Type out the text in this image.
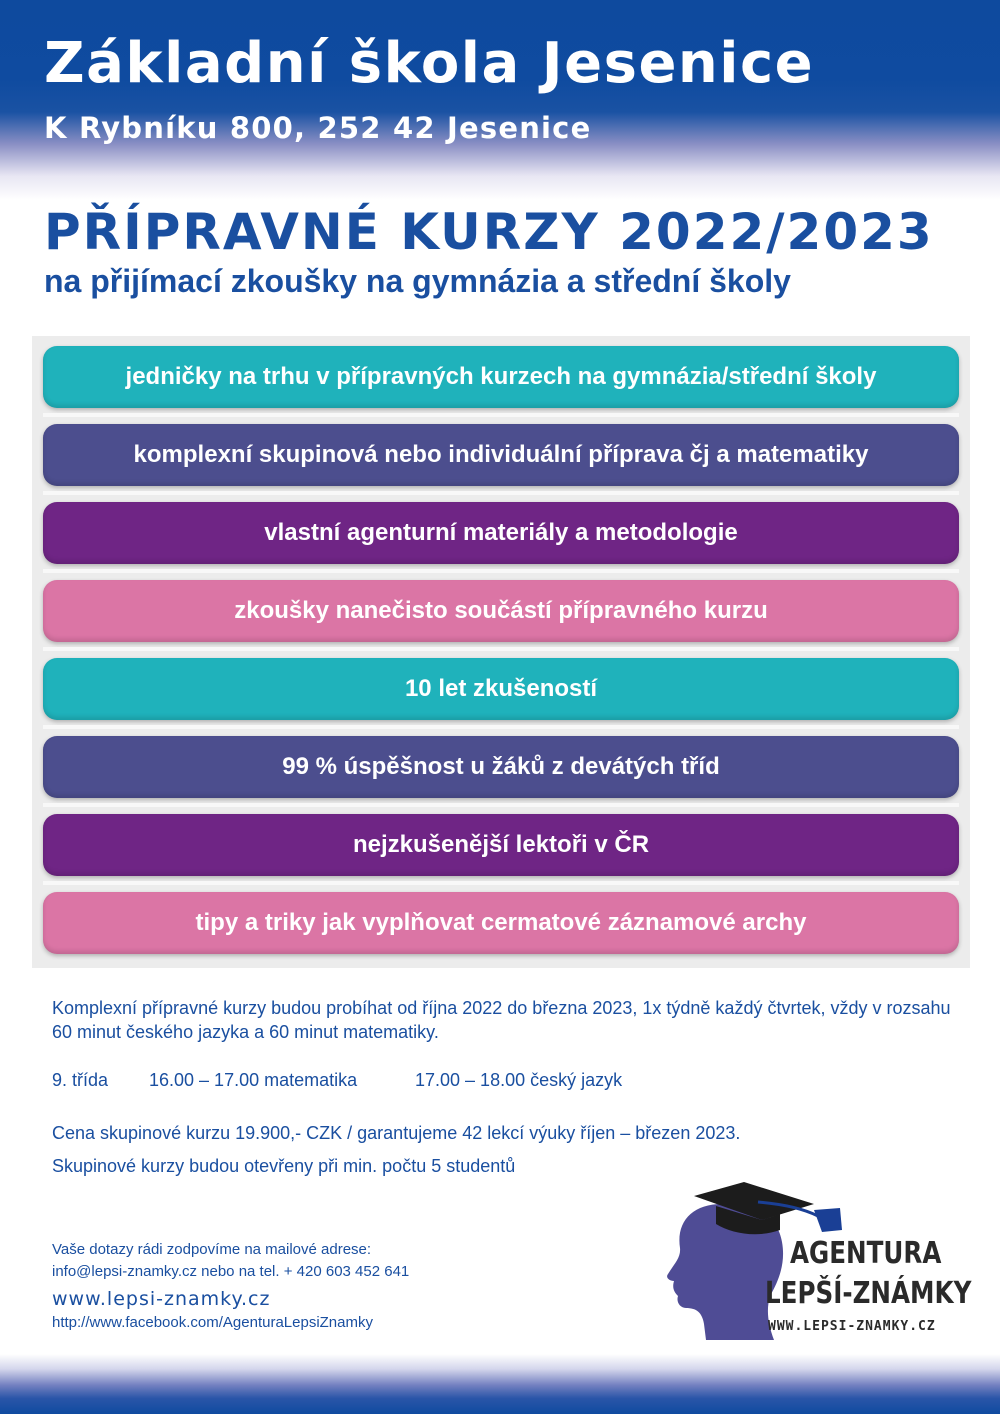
Základní škola Jesenice

K Rybníku 800, 252 42 Jesenice

PŘÍPRAVNÉ KURZY 2022/2023

na přijímací zkoušky na gymnázia a střední školy

jedničky na trhu v přípravných kurzech na gymnázia/střední školy
komplexní skupinová nebo individuální příprava čj a matematiky
vlastní agenturní materiály a metodologie
zkoušky nanečisto součástí přípravného kurzu
10 let zkušeností
99 % úspěšnost u žáků z devátých tříd
nejzkušenější lektoři v ČR
tipy a triky jak vyplňovat cermatové záznamové archy

Komplexní přípravné kurzy budou probíhat od října 2022 do března 2023, 1x týdně každý čtvrtek, vždy v rozsahu 60 minut českého jazyka a 60 minut matematiky.

9. třída 16.00 – 17.00 matematika	17.00 – 18.00 český jazyk

Cena skupinové kurzu 19.900,- CZK / garantujeme 42 lekcí výuky říjen – březen 2023.

Skupinové kurzy budou otevřeny při min. počtu 5 studentů

Vaše dotazy rádi zodpovíme na mailové adrese:

info@lepsi-znamky.cz nebo na tel. + 420 603 452 641

www.lepsi-znamky.cz
http://www.facebook.com/AgenturaLepsiZnamky
AGENTURA
LEPŠÍ-ZNÁMKY
WWW.LEPSI-ZNAMKY.CZ
